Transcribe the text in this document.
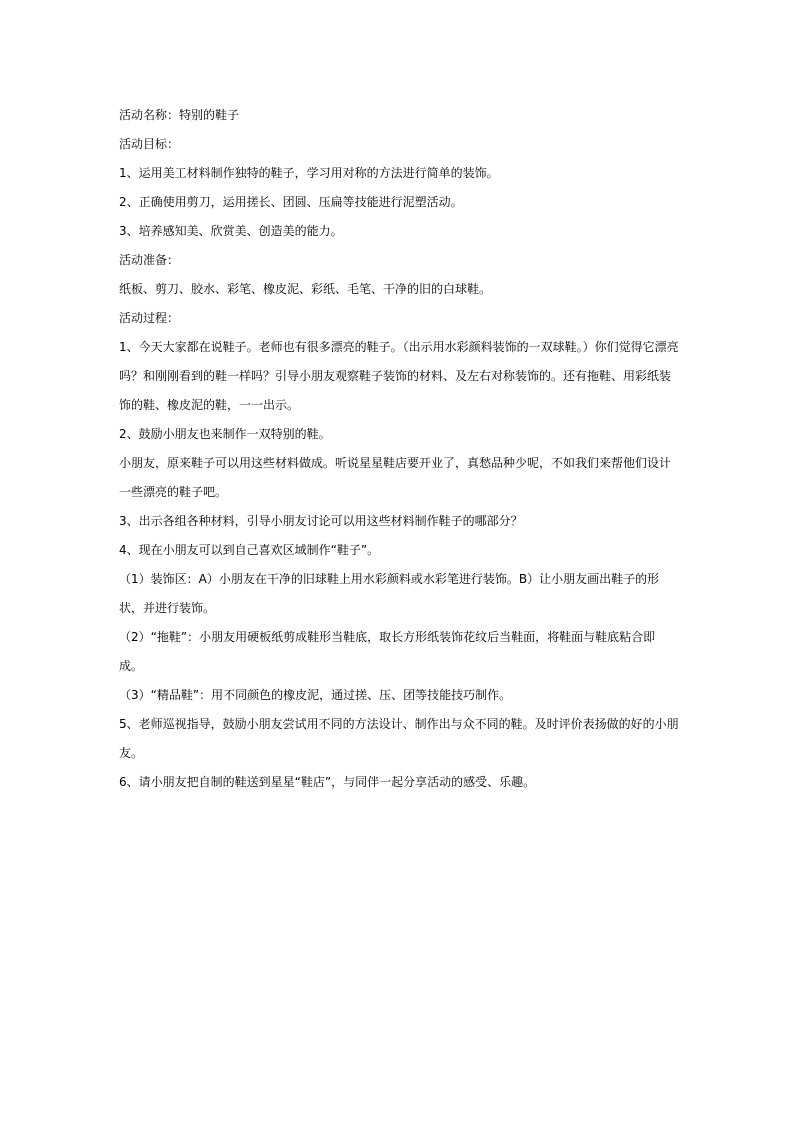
活动名称：特别的鞋子

活动目标：

1、运用美工材料制作独特的鞋子，学习用对称的方法进行简单的装饰。

2、正确使用剪刀，运用搓长、团圆、压扁等技能进行泥塑活动。

3、培养感知美、欣赏美、创造美的能力。

活动准备：

纸板、剪刀、胶水、彩笔、橡皮泥、彩纸、毛笔、干净的旧的白球鞋。

活动过程：

1、今天大家都在说鞋子。老师也有很多漂亮的鞋子。（出示用水彩颜料装饰的一双球鞋。）你们觉得它漂亮吗？和刚刚看到的鞋一样吗？引导小朋友观察鞋子装饰的材料、及左右对称装饰的。还有拖鞋、用彩纸装饰的鞋、橡皮泥的鞋，一一出示。

2、鼓励小朋友也来制作一双特别的鞋。

小朋友，原来鞋子可以用这些材料做成。听说星星鞋店要开业了，真愁品种少呢，不如我们来帮他们设计一些漂亮的鞋子吧。

3、出示各组各种材料，引导小朋友讨论可以用这些材料制作鞋子的哪部分？

4、现在小朋友可以到自己喜欢区域制作“鞋子”。

（1）装饰区：A）小朋友在干净的旧球鞋上用水彩颜料或水彩笔进行装饰。B）让小朋友画出鞋子的形状，并进行装饰。

（2）“拖鞋”：小朋友用硬板纸剪成鞋形当鞋底，取长方形纸装饰花纹后当鞋面，将鞋面与鞋底粘合即成。

（3）“精品鞋”：用不同颜色的橡皮泥，通过搓、压、团等技能技巧制作。

5、老师巡视指导，鼓励小朋友尝试用不同的方法设计、制作出与众不同的鞋。及时评价表扬做的好的小朋友。

6、请小朋友把自制的鞋送到星星“鞋店”，与同伴一起分享活动的感受、乐趣。
